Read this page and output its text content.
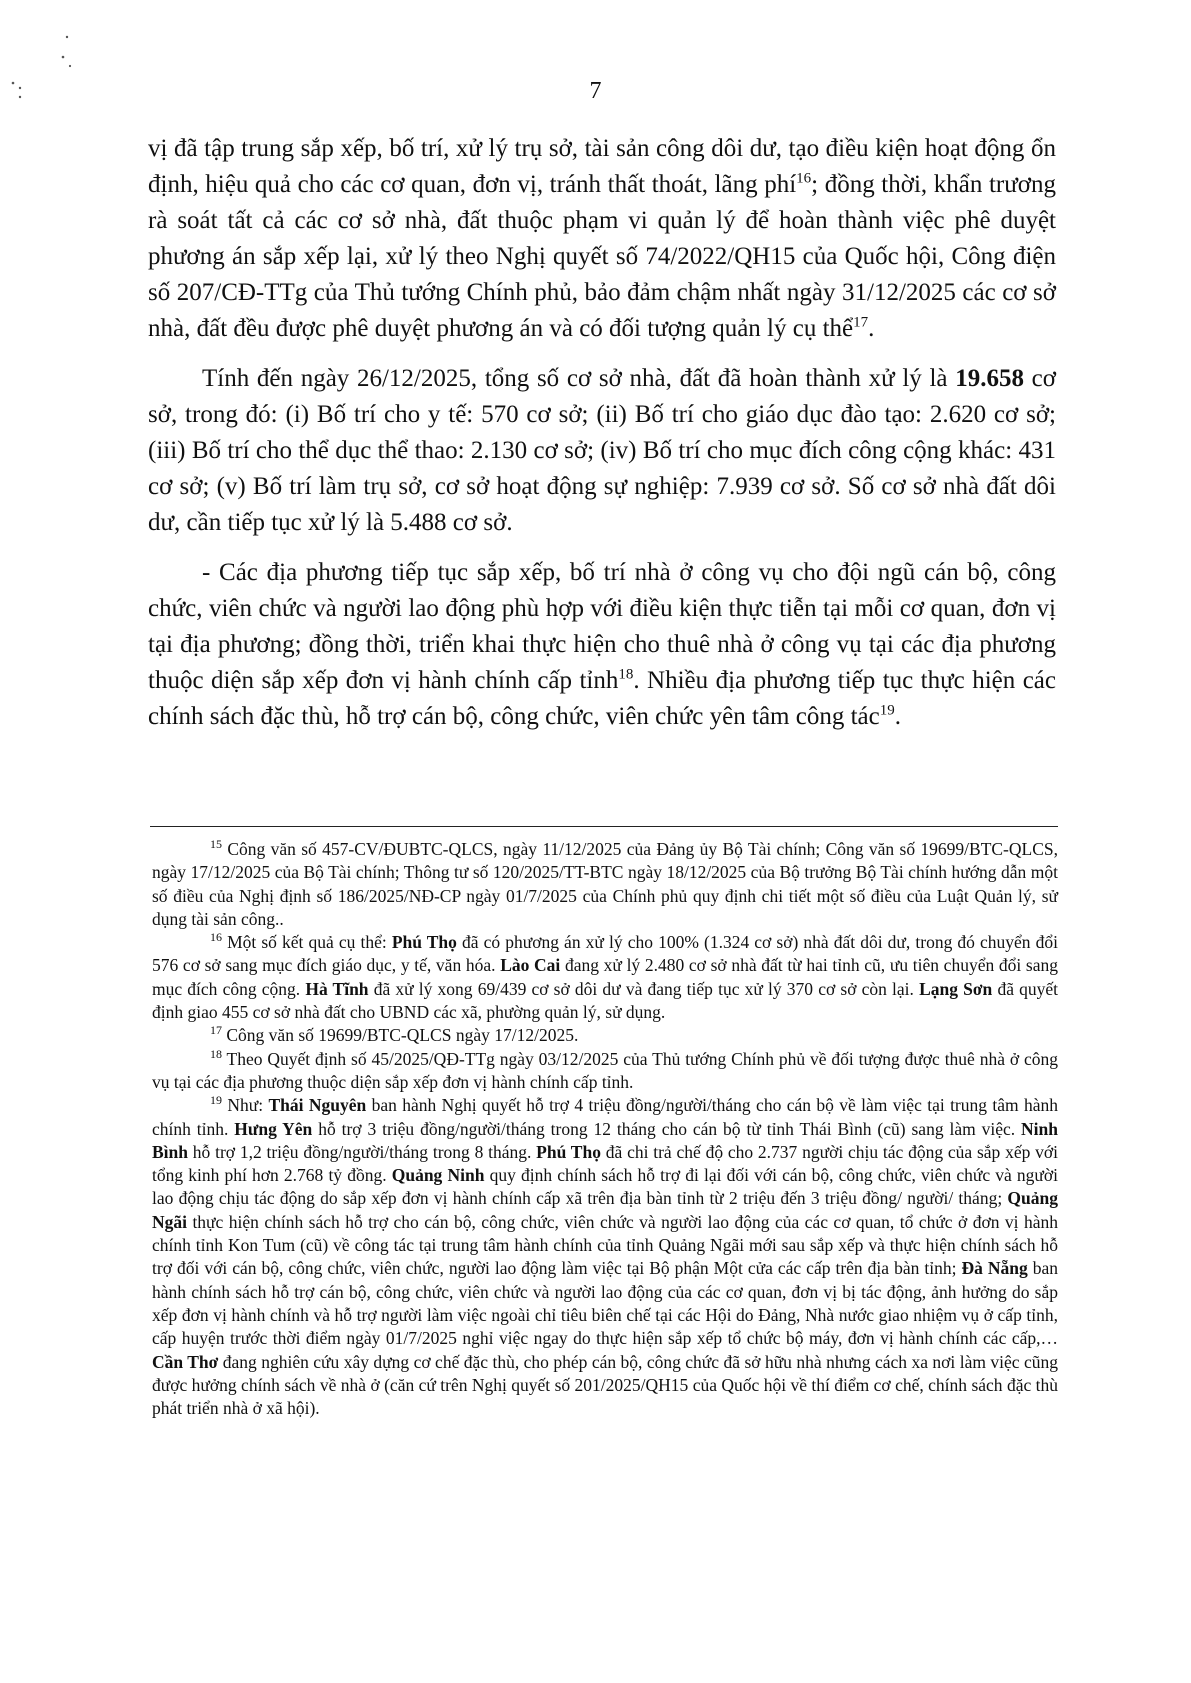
7

vị đã tập trung sắp xếp, bố trí, xử lý trụ sở, tài sản công dôi dư, tạo điều kiện hoạt động ổn định, hiệu quả cho các cơ quan, đơn vị, tránh thất thoát, lãng phí$^{16}$; đồng thời, khẩn trương rà soát tất cả các cơ sở nhà, đất thuộc phạm vi quản lý để hoàn thành việc phê duyệt phương án sắp xếp lại, xử lý theo Nghị quyết số 74/2022/QH15 của Quốc hội, Công điện số 207/CĐ-TTg của Thủ tướng Chính phủ, bảo đảm chậm nhất ngày 31/12/2025 các cơ sở nhà, đất đều được phê duyệt phương án và có đối tượng quản lý cụ thể$^{17}$.

Tính đến ngày 26/12/2025, tổng số cơ sở nhà, đất đã hoàn thành xử lý là 19.658 cơ sở, trong đó: (i) Bố trí cho y tế: 570 cơ sở; (ii) Bố trí cho giáo dục đào tạo: 2.620 cơ sở; (iii) Bố trí cho thể dục thể thao: 2.130 cơ sở; (iv) Bố trí cho mục đích công cộng khác: 431 cơ sở; (v) Bố trí làm trụ sở, cơ sở hoạt động sự nghiệp: 7.939 cơ sở. Số cơ sở nhà đất dôi dư, cần tiếp tục xử lý là 5.488 cơ sở.

- Các địa phương tiếp tục sắp xếp, bố trí nhà ở công vụ cho đội ngũ cán bộ, công chức, viên chức và người lao động phù hợp với điều kiện thực tiễn tại mỗi cơ quan, đơn vị tại địa phương; đồng thời, triển khai thực hiện cho thuê nhà ở công vụ tại các địa phương thuộc diện sắp xếp đơn vị hành chính cấp tỉnh$^{18}$. Nhiều địa phương tiếp tục thực hiện các chính sách đặc thù, hỗ trợ cán bộ, công chức, viên chức yên tâm công tác$^{19}$.

$^{15}$ Công văn số 457-CV/ĐUBTC-QLCS, ngày 11/12/2025 của Đảng ủy Bộ Tài chính; Công văn số 19699/BTC-QLCS, ngày 17/12/2025 của Bộ Tài chính; Thông tư số 120/2025/TT-BTC ngày 18/12/2025 của Bộ trưởng Bộ Tài chính hướng dẫn một số điều của Nghị định số 186/2025/NĐ-CP ngày 01/7/2025 của Chính phủ quy định chi tiết một số điều của Luật Quản lý, sử dụng tài sản công..

$^{16}$ Một số kết quả cụ thể: Phú Thọ đã có phương án xử lý cho 100% (1.324 cơ sở) nhà đất dôi dư, trong đó chuyển đổi 576 cơ sở sang mục đích giáo dục, y tế, văn hóa. Lào Cai đang xử lý 2.480 cơ sở nhà đất từ hai tỉnh cũ, ưu tiên chuyển đổi sang mục đích công cộng. Hà Tĩnh đã xử lý xong 69/439 cơ sở dôi dư và đang tiếp tục xử lý 370 cơ sở còn lại. Lạng Sơn đã quyết định giao 455 cơ sở nhà đất cho UBND các xã, phường quản lý, sử dụng.

$^{17}$ Công văn số 19699/BTC-QLCS ngày 17/12/2025.

$^{18}$ Theo Quyết định số 45/2025/QĐ-TTg ngày 03/12/2025 của Thủ tướng Chính phủ về đối tượng được thuê nhà ở công vụ tại các địa phương thuộc diện sắp xếp đơn vị hành chính cấp tỉnh.

$^{19}$ Như: Thái Nguyên ban hành Nghị quyết hỗ trợ 4 triệu đồng/người/tháng cho cán bộ về làm việc tại trung tâm hành chính tỉnh. Hưng Yên hỗ trợ 3 triệu đồng/người/tháng trong 12 tháng cho cán bộ từ tỉnh Thái Bình (cũ) sang làm việc. Ninh Bình hỗ trợ 1,2 triệu đồng/người/tháng trong 8 tháng. Phú Thọ đã chi trả chế độ cho 2.737 người chịu tác động của sắp xếp với tổng kinh phí hơn 2.768 tỷ đồng. Quảng Ninh quy định chính sách hỗ trợ đi lại đối với cán bộ, công chức, viên chức và người lao động chịu tác động do sắp xếp đơn vị hành chính cấp xã trên địa bàn tỉnh từ 2 triệu đến 3 triệu đồng/ người/ tháng; Quảng Ngãi thực hiện chính sách hỗ trợ cho cán bộ, công chức, viên chức và người lao động của các cơ quan, tổ chức ở đơn vị hành chính tỉnh Kon Tum (cũ) về công tác tại trung tâm hành chính của tỉnh Quảng Ngãi mới sau sắp xếp và thực hiện chính sách hỗ trợ đối với cán bộ, công chức, viên chức, người lao động làm việc tại Bộ phận Một cửa các cấp trên địa bàn tỉnh; Đà Nẵng ban hành chính sách hỗ trợ cán bộ, công chức, viên chức và người lao động của các cơ quan, đơn vị bị tác động, ảnh hưởng do sắp xếp đơn vị hành chính và hỗ trợ người làm việc ngoài chỉ tiêu biên chế tại các Hội do Đảng, Nhà nước giao nhiệm vụ ở cấp tỉnh, cấp huyện trước thời điểm ngày 01/7/2025 nghỉ việc ngay do thực hiện sắp xếp tổ chức bộ máy, đơn vị hành chính các cấp,… Cần Thơ đang nghiên cứu xây dựng cơ chế đặc thù, cho phép cán bộ, công chức đã sở hữu nhà nhưng cách xa nơi làm việc cũng được hưởng chính sách về nhà ở (căn cứ trên Nghị quyết số 201/2025/QH15 của Quốc hội về thí điểm cơ chế, chính sách đặc thù phát triển nhà ở xã hội).
